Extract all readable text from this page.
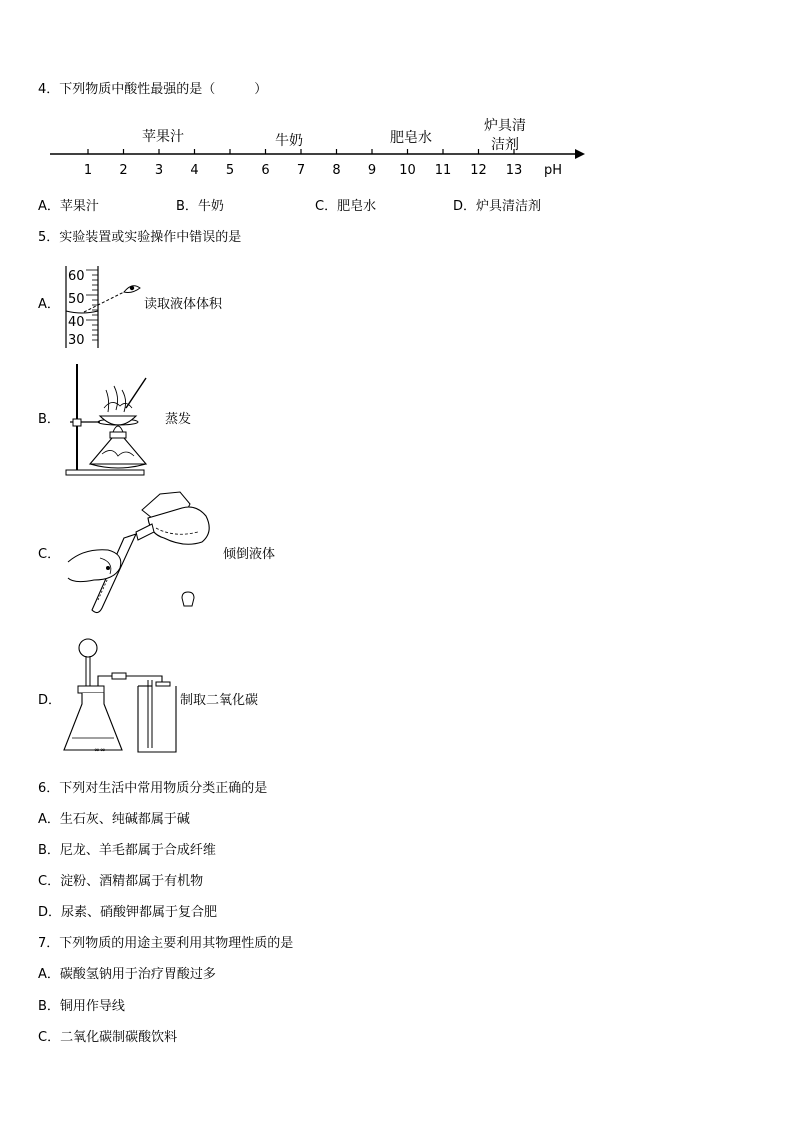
4．下列物质中酸性最强的是（　　　）
1 2 3 4 5 6 7 8 9 10 11 12 13 pH
苹果汁	牛奶	肥皂水
炉具清
洁剂
A．苹果汁	B．牛奶	C．肥皂水	D．炉具清洁剂
5．实验装置或实验操作中错误的是
A．
60
50
40
30
读取液体体积
B．	蒸发
C．	倾倒液体
D．
∞∞
制取二氧化碳
6．下列对生活中常用物质分类正确的是
A．生石灰、纯碱都属于碱
B．尼龙、羊毛都属于合成纤维
C．淀粉、酒精都属于有机物
D．尿素、硝酸钾都属于复合肥
7．下列物质的用途主要利用其物理性质的是
A．碳酸氢钠用于治疗胃酸过多
B．铜用作导线
C．二氧化碳制碳酸饮料
